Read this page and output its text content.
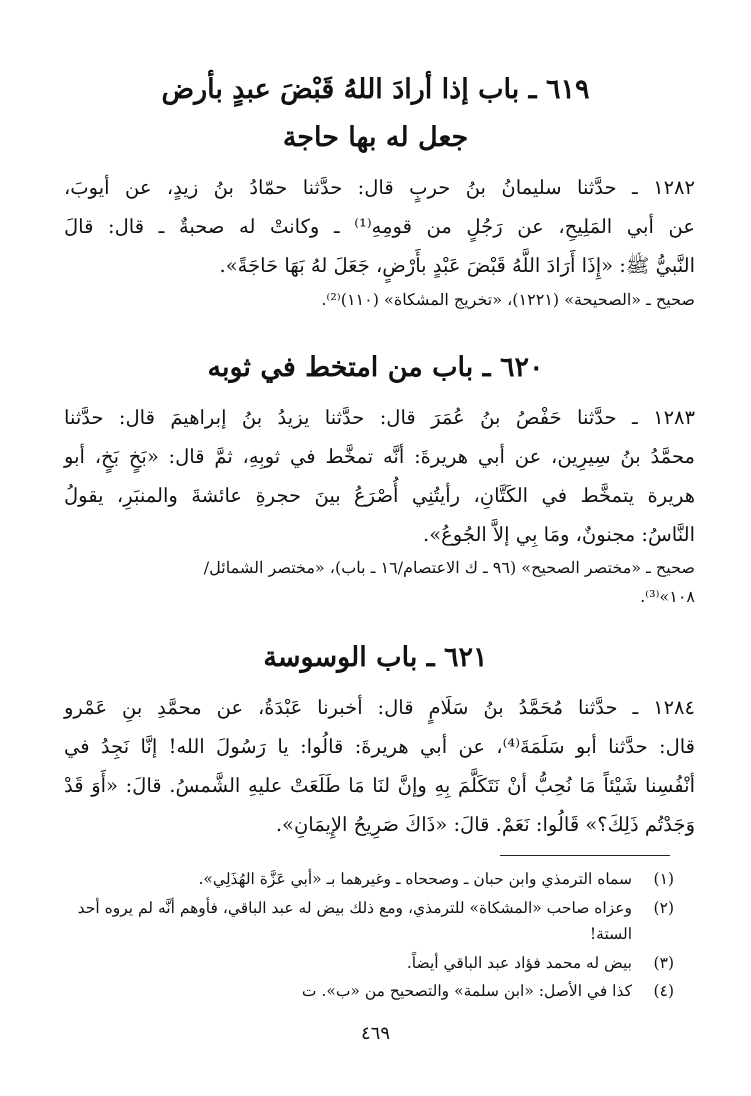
٦١٩ ـ باب إذا أرادَ اللهُ قَبْضَ عبدٍ بأرض
جعل له بها حاجة
١٢٨٢ ـ حدَّثنا سليمانُ بنُ حربٍ قال: حدَّثنا حمّادُ بنُ زيدٍ، عن أيوبَ،
عن أبي المَلِيحِ، عن رَجُلٍ من قومِهِ⁽¹⁾ ـ وكانتْ له صحبةٌ ـ قال: قالَ
النَّبيُّ ﷺ: «إِذَا أَرَادَ اللَّهُ قَبْضَ عَبْدٍ بأَرْضٍ، جَعَلَ لهُ بَهَا حَاجَةً».
صحيح ـ «الصحيحة» (١٢٢١)، «تخريج المشكاة» (١١٠)⁽²⁾.
٦٢٠ ـ باب من امتخط في ثوبه
١٢٨٣ ـ حدَّثنا حَفْصُ بنُ عُمَرَ قال: حدَّثنا يزيدُ بنُ إبراهيمَ قال: حدَّثنا
محمَّدُ بنُ سِيرِين، عن أبي هريرةَ: أنَّه تمخَّط في ثوبِهِ، ثمَّ قال: «بَخٍ بَخٍ، أبو
هريرة يتمخَّط في الكَتَّانِ، رأيتُنِي أُصْرَعُ بينَ حجرةِ عائشةَ والمنبَرِ، يقولُ
النَّاسُ: مجنونٌ، ومَا بِي إلاَّ الجُوعُ».
صحيح ـ «مختصر الصحيح» (٩٦ ـ ك الاعتصام/١٦ ـ باب)، «مختصر الشمائل/
١٠٨»⁽³⁾.
٦٢١ ـ باب الوسوسة
١٢٨٤ ـ حدَّثنا مُحَمَّدُ بنُ سَلَامٍ قال: أخبرنا عَبْدَةُ، عن محمَّدِ بنِ عَمْرو
قال: حدَّثنا أبو سَلَمَةَ⁽⁴⁾، عن أبي هريرةَ: قالُوا: يا رَسُولَ الله! إنَّا نَجِدُ في
أنْفُسِنا شَيْئاً مَا نُحِبُّ أنْ نَتَكَلَّمَ بِهِ وإنَّ لنَا مَا طَلَعَتْ عليهِ الشَّمسُ. قالَ: «أَوَ قَدْ
وَجَدْتُم ذَلِكَ؟» قَالُوا: نَعَمْ. قالَ: «ذَاكَ صَرِيحُ الإِيمَانِ».
(١)
سماه الترمذي وابن حبان ـ وصححاه ـ وغيرهما بـ «أبي عَزَّة الهُذَلِي».
(٢)
وعزاه صاحب «المشكاة» للترمذي، ومع ذلك بيض له عبد الباقي، فأوهم أنَّه لم يروه أحد الستة!
(٣)
بيض له محمد فؤاد عبد الباقي أيضاً.
(٤)
كذا في الأصل: «ابن سلمة» والتصحيح من «ب». ت
٤٦٩
